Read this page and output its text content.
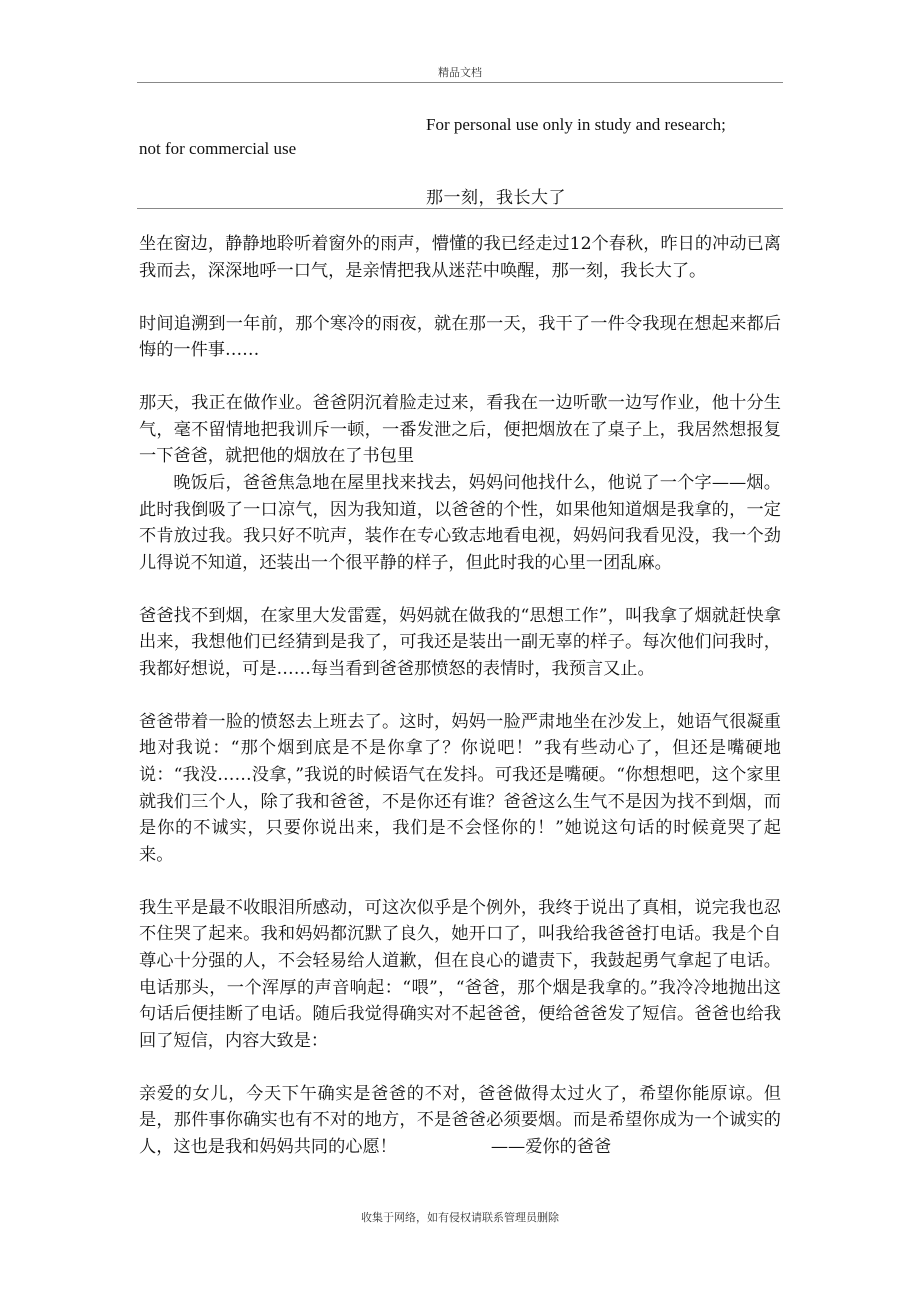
精品文档
For personal use only in study and research;
not for commercial use
那一刻，我长大了

坐在窗边，静静地聆听着窗外的雨声，懵懂的我已经走过12个春秋，昨日的冲动已离我而去，深深地呼一口气，是亲情把我从迷茫中唤醒，那一刻，我长大了。

时间追溯到一年前，那个寒冷的雨夜，就在那一天，我干了一件令我现在想起来都后悔的一件事……

那天，我正在做作业。爸爸阴沉着脸走过来，看我在一边听歌一边写作业，他十分生气，毫不留情地把我训斥一顿，一番发泄之后，便把烟放在了桌子上，我居然想报复一下爸爸，就把他的烟放在了书包里

晚饭后，爸爸焦急地在屋里找来找去，妈妈问他找什么，他说了一个字——烟。此时我倒吸了一口凉气，因为我知道，以爸爸的个性，如果他知道烟是我拿的，一定不肯放过我。我只好不吭声，装作在专心致志地看电视，妈妈问我看见没，我一个劲儿得说不知道，还装出一个很平静的样子，但此时我的心里一团乱麻。

爸爸找不到烟，在家里大发雷霆，妈妈就在做我的“思想工作”，叫我拿了烟就赶快拿出来，我想他们已经猜到是我了，可我还是装出一副无辜的样子。每次他们问我时，我都好想说，可是……每当看到爸爸那愤怒的表情时，我预言又止。

爸爸带着一脸的愤怒去上班去了。这时，妈妈一脸严肃地坐在沙发上，她语气很凝重地对我说：“那个烟到底是不是你拿了？你说吧！”我有些动心了，但还是嘴硬地说：“我没……没拿，”我说的时候语气在发抖。可我还是嘴硬。“你想想吧，这个家里就我们三个人，除了我和爸爸，不是你还有谁？爸爸这么生气不是因为找不到烟，而是你的不诚实，只要你说出来，我们是不会怪你的！”她说这句话的时候竟哭了起来。

我生平是最不收眼泪所感动，可这次似乎是个例外，我终于说出了真相，说完我也忍不住哭了起来。我和妈妈都沉默了良久，她开口了，叫我给我爸爸打电话。我是个自尊心十分强的人，不会轻易给人道歉，但在良心的谴责下，我鼓起勇气拿起了电话。电话那头，一个浑厚的声音响起：“喂”，“爸爸，那个烟是我拿的。”我冷冷地抛出这句话后便挂断了电话。随后我觉得确实对不起爸爸，便给爸爸发了短信。爸爸也给我回了短信，内容大致是：

亲爱的女儿，今天下午确实是爸爸的不对，爸爸做得太过火了，希望你能原谅。但是，那件事你确实也有不对的地方，不是爸爸必须要烟。而是希望你成为一个诚实的人，这也是我和妈妈共同的心愿！	——爱你的爸爸

收集于网络，如有侵权请联系管理员删除
